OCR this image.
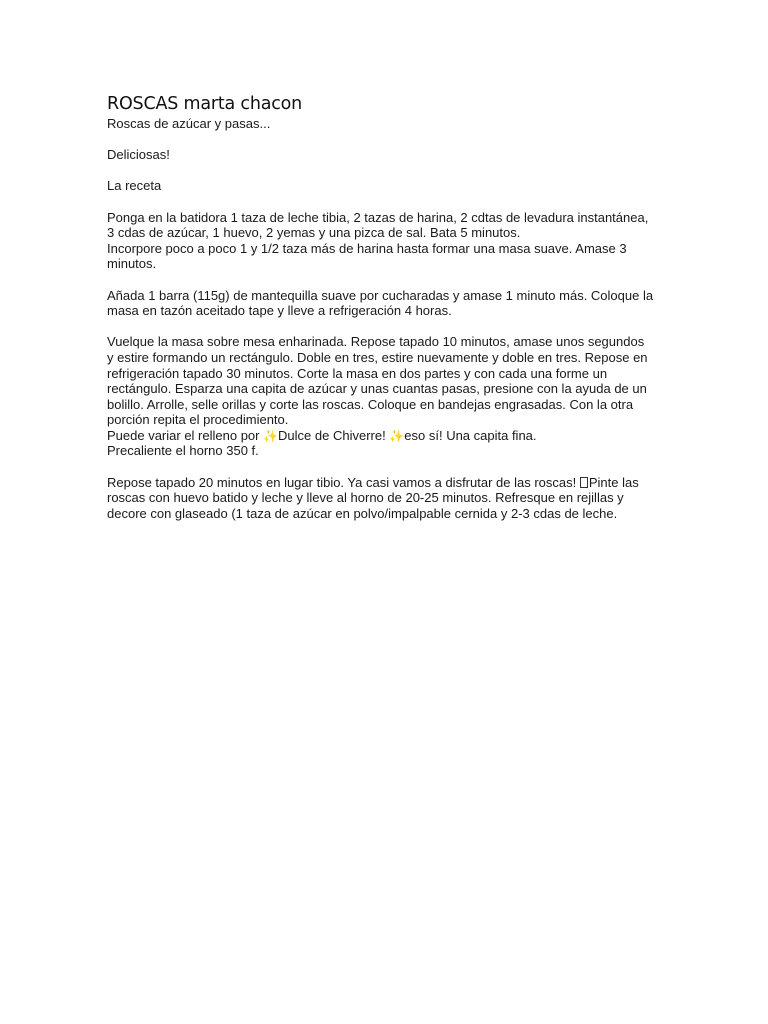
ROSCAS marta chacon

Roscas de azúcar y pasas...

Deliciosas!

La receta

Ponga en la batidora 1 taza de leche tibia, 2 tazas de harina, 2 cdtas de levadura instantánea,

3 cdas de azúcar, 1 huevo, 2 yemas y una pizca de sal. Bata 5 minutos.

Incorpore poco a poco 1 y 1/2 taza más de harina hasta formar una masa suave. Amase 3

minutos.

Añada 1 barra (115g) de mantequilla suave por cucharadas y amase 1 minuto más. Coloque la

masa en tazón aceitado tape y lleve a refrigeración 4 horas.

Vuelque la masa sobre mesa enharinada. Repose tapado 10 minutos, amase unos segundos

y estire formando un rectángulo. Doble en tres, estire nuevamente y doble en tres. Repose en

refrigeración tapado 30 minutos. Corte la masa en dos partes y con cada una forme un

rectángulo. Esparza una capita de azúcar y unas cuantas pasas, presione con la ayuda de un

bolillo. Arrolle, selle orillas y corte las roscas. Coloque en bandejas engrasadas. Con la otra

porción repita el procedimiento.

Puede variar el relleno por ✨Dulce de Chiverre! ✨eso sí! Una capita fina.

Precaliente el horno 350 f.

Repose tapado 20 minutos en lugar tibio. Ya casi vamos a disfrutar de las roscas! Pinte las

roscas con huevo batido y leche y lleve al horno de 20-25 minutos. Refresque en rejillas y

decore con glaseado (1 taza de azúcar en polvo/impalpable cernida y 2-3 cdas de leche.
